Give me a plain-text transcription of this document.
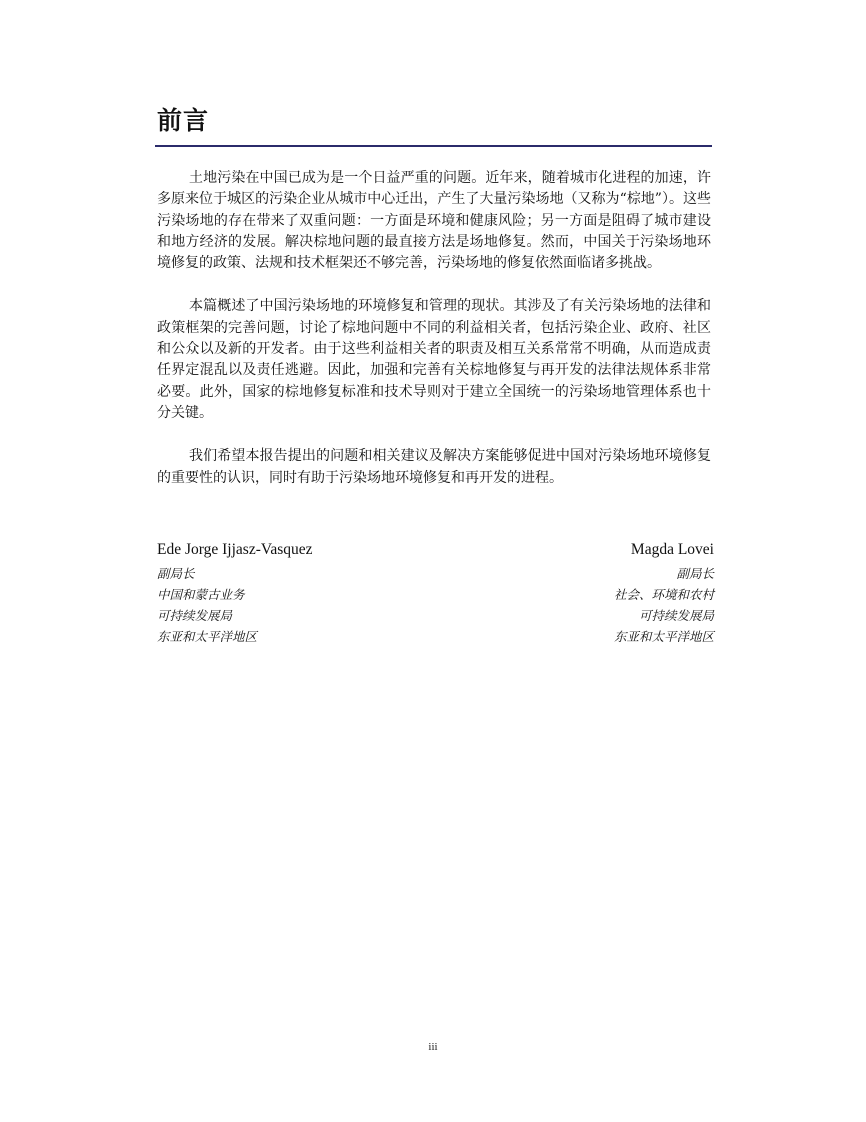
前言

土地污染在中国已成为是一个日益严重的问题。近年来，随着城市化进程的加速，许多原来位于城区的污染企业从城市中心迁出，产生了大量污染场地（又称为“棕地”）。这些污染场地的存在带来了双重问题：一方面是环境和健康风险；另一方面是阻碍了城市建设和地方经济的发展。解决棕地问题的最直接方法是场地修复。然而，中国关于污染场地环境修复的政策、法规和技术框架还不够完善，污染场地的修复依然面临诸多挑战。

本篇概述了中国污染场地的环境修复和管理的现状。其涉及了有关污染场地的法律和政策框架的完善问题，讨论了棕地问题中不同的利益相关者，包括污染企业、政府、社区和公众以及新的开发者。由于这些利益相关者的职责及相互关系常常不明确，从而造成责任界定混乱以及责任逃避。因此，加强和完善有关棕地修复与再开发的法律法规体系非常必要。此外，国家的棕地修复标准和技术导则对于建立全国统一的污染场地管理体系也十分关键。

我们希望本报告提出的问题和相关建议及解决方案能够促进中国对污染场地环境修复的重要性的认识，同时有助于污染场地环境修复和再开发的进程。

Ede Jorge Ijjasz-Vasquez
副局长
中国和蒙古业务
可持续发展局
东亚和太平洋地区
Magda Lovei
副局长
社会、环境和农村
可持续发展局
东亚和太平洋地区
iii
